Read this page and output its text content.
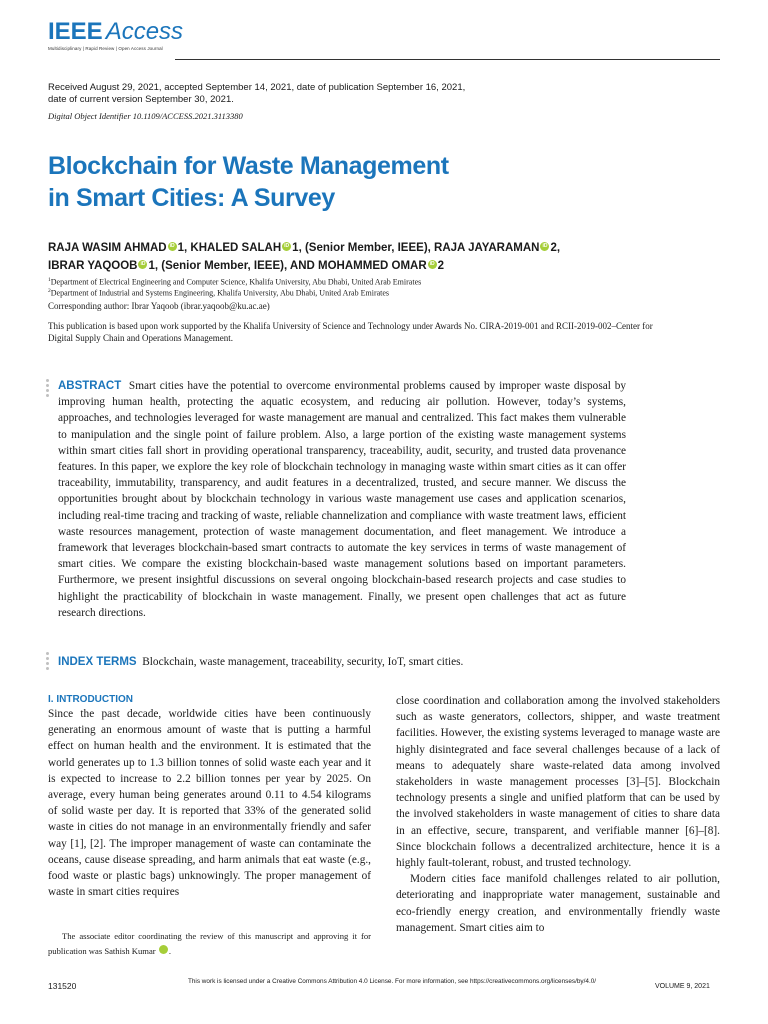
IEEE Access
Multidisciplinary | Rapid Review | Open Access Journal
Received August 29, 2021, accepted September 14, 2021, date of publication September 16, 2021, date of current version September 30, 2021.
Digital Object Identifier 10.1109/ACCESS.2021.3113380
Blockchain for Waste Management
in Smart Cities: A Survey
RAJA WASIM AHMAD iD 1, KHALED SALAH iD 1, (Senior Member, IEEE), RAJA JAYARAMAN iD 2,
IBRAR YAQOOB iD 1, (Senior Member, IEEE), AND MOHAMMED OMAR iD 2
$^1$Department of Electrical Engineering and Computer Science, Khalifa University, Abu Dhabi, United Arab Emirates
$^2$Department of Industrial and Systems Engineering, Khalifa University, Abu Dhabi, United Arab Emirates
Corresponding author: Ibrar Yaqoob (ibrar.yaqoob@ku.ac.ae)
This publication is based upon work supported by the Khalifa University of Science and Technology under Awards No. CIRA-2019-001 and RCII-2019-002–Center for Digital Supply Chain and Operations Management.
ABSTRACT Smart cities have the potential to overcome environmental problems caused by improper waste disposal by improving human health, protecting the aquatic ecosystem, and reducing air pollution. However, today’s systems, approaches, and technologies leveraged for waste management are manual and centralized. This fact makes them vulnerable to manipulation and the single point of failure problem. Also, a large portion of the existing waste management systems within smart cities fall short in providing operational transparency, traceability, audit, security, and trusted data provenance features. In this paper, we explore the key role of blockchain technology in managing waste within smart cities as it can offer traceability, immutability, transparency, and audit features in a decentralized, trusted, and secure manner. We discuss the opportunities brought about by blockchain technology in various waste management use cases and application scenarios, including real-time tracing and tracking of waste, reliable channelization and compliance with waste treatment laws, efficient waste resources management, protection of waste management documentation, and fleet management. We introduce a framework that leverages blockchain-based smart contracts to automate the key services in terms of waste management of smart cities. We compare the existing blockchain-based waste management solutions based on important parameters. Furthermore, we present insightful discussions on several ongoing blockchain-based research projects and case studies to highlight the practicability of blockchain in waste management. Finally, we present open challenges that act as future research directions.
INDEX TERMS Blockchain, waste management, traceability, security, IoT, smart cities.
I. INTRODUCTION

Since the past decade, worldwide cities have been continuously generating an enormous amount of waste that is putting a harmful effect on human health and the environment. It is estimated that the world generates up to 1.3 billion tonnes of solid waste each year and it is expected to increase to 2.2 billion tonnes per year by 2025. On average, every human being generates around 0.11 to 4.54 kilograms of solid waste per day. It is reported that 33% of the generated solid waste in cities do not manage in an environmentally friendly and safer way [1], [2]. The improper management of waste can contaminate the oceans, cause disease spreading, and harm animals that eat waste (e.g., food waste or plastic bags) unknowingly. The proper management of waste in smart cities requires

close coordination and collaboration among the involved stakeholders such as waste generators, collectors, shipper, and waste treatment facilities. However, the existing systems leveraged to manage waste are highly disintegrated and face several challenges because of a lack of means to adequately share waste-related data among involved stakeholders in waste management processes [3]–[5]. Blockchain technology presents a single and unified platform that can be used by the involved stakeholders in waste management of cities to share data in an effective, secure, transparent, and verifiable manner [6]–[8]. Since blockchain follows a decentralized architecture, hence it is a highly fault-tolerant, robust, and trusted technology.

Modern cities face manifold challenges related to air pollution, deteriorating and inappropriate water management, sustainable and eco-friendly energy creation, and environmentally friendly waste management. Smart cities aim to

The associate editor coordinating the review of this manuscript and approving it for publication was Sathish Kumar	iD.
131520	This work is licensed under a Creative Commons Attribution 4.0 License. For more information, see https://creativecommons.org/licenses/by/4.0/
VOLUME 9, 2021
